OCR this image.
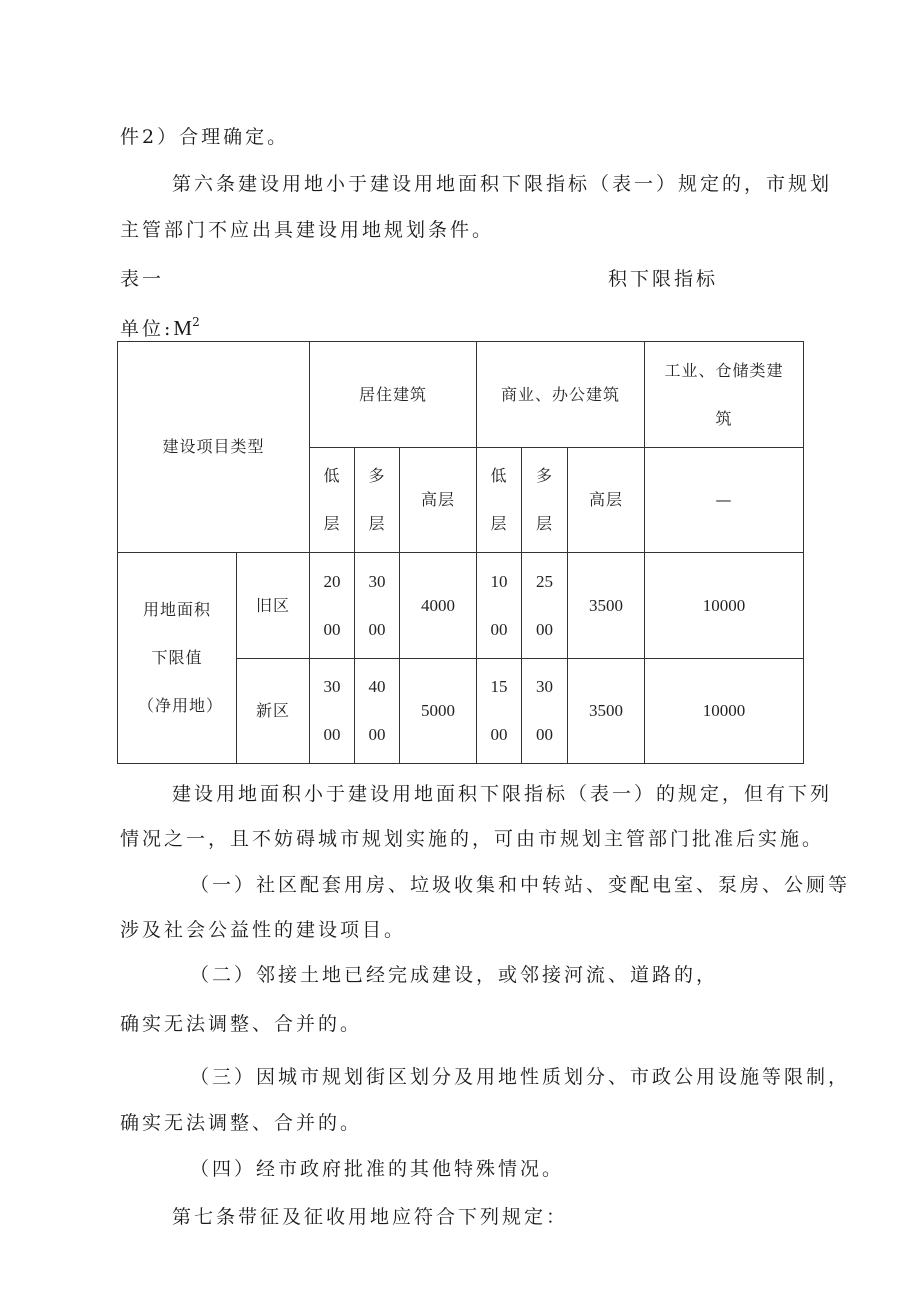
件2）合理确定。
第六条建设用地小于建设用地面积下限指标（表一）规定的，市规划
主管部门不应出具建设用地规划条件。
表一	积下限指标
单位$:M^2$
建设项目类型		居住建筑			商业、办公建筑			工业、仓储类建筑
		低层	多层	高层	低层	多层	高层	—
用地面积下限值（净用地）	旧区	2000	3000	4000	1000	2500	3500	10000
	新区	3000	4000	5000	1500	3000	3500	10000
建设用地面积小于建设用地面积下限指标（表一）的规定，但有下列
情况之一，且不妨碍城市规划实施的，可由市规划主管部门批准后实施。
（一）社区配套用房、垃圾收集和中转站、变配电室、泵房、公厕等
涉及社会公益性的建设项目。
（二）邻接土地已经完成建设，或邻接河流、道路的，
确实无法调整、合并的。
（三）因城市规划街区划分及用地性质划分、市政公用设施等限制，
确实无法调整、合并的。
（四）经市政府批准的其他特殊情况。
第七条带征及征收用地应符合下列规定：
